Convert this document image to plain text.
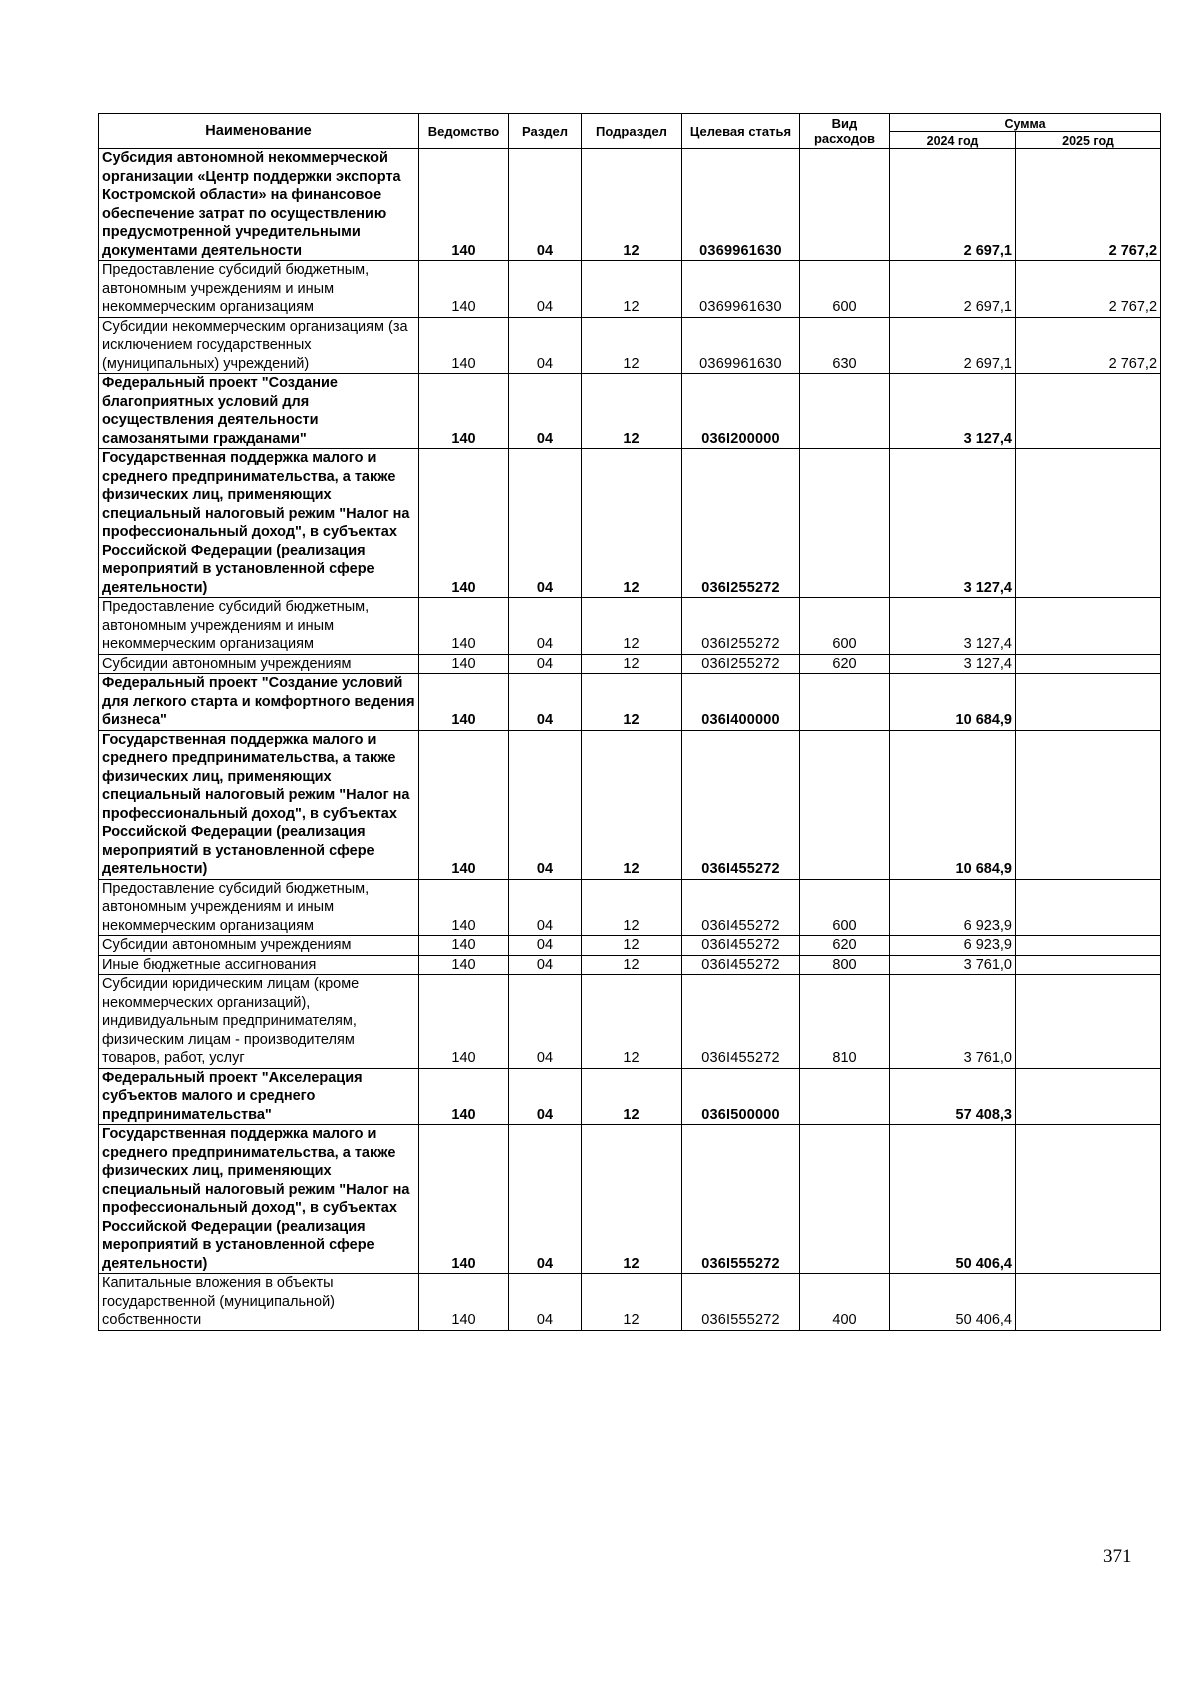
Наименование	Ведомство	Раздел	Подраздел	Целевая статья	Вид расходов	Сумма	
						2024 год	2025 год
Субсидия автономной некоммерческой организации «Центр поддержки экспорта Костромской области» на финансовое обеспечение затрат по осуществлению предусмотренной учредительными документами деятельности	140	04	12	0369961630		2 697,1	2 767,2
Предоставление субсидий бюджетным, автономным учреждениям и иным некоммерческим организациям	140	04	12	0369961630	600	2 697,1	2 767,2
Субсидии некоммерческим организациям (за исключением государственных (муниципальных) учреждений)	140	04	12	0369961630	630	2 697,1	2 767,2
Федеральный проект "Создание благоприятных условий для осуществления деятельности самозанятыми гражданами"	140	04	12	036I200000		3 127,4	
Государственная поддержка малого и среднего предпринимательства, а также физических лиц, применяющих специальный налоговый режим "Налог на профессиональный доход", в субъектах Российской Федерации (реализация мероприятий в установленной сфере деятельности)	140	04	12	036I255272		3 127,4	
Предоставление субсидий бюджетным, автономным учреждениям и иным некоммерческим организациям	140	04	12	036I255272	600	3 127,4	
Субсидии автономным учреждениям	140	04	12	036I255272	620	3 127,4	
Федеральный проект "Создание условий для легкого старта и комфортного ведения бизнеса"	140	04	12	036I400000		10 684,9	
Государственная поддержка малого и среднего предпринимательства, а также физических лиц, применяющих специальный налоговый режим "Налог на профессиональный доход", в субъектах Российской Федерации (реализация мероприятий в установленной сфере деятельности)	140	04	12	036I455272		10 684,9	
Предоставление субсидий бюджетным, автономным учреждениям и иным некоммерческим организациям	140	04	12	036I455272	600	6 923,9	
Субсидии автономным учреждениям	140	04	12	036I455272	620	6 923,9	
Иные бюджетные ассигнования	140	04	12	036I455272	800	3 761,0	
Субсидии юридическим лицам (кроме некоммерческих организаций), индивидуальным предпринимателям, физическим лицам - производителям товаров, работ, услуг	140	04	12	036I455272	810	3 761,0	
Федеральный проект "Акселерация субъектов малого и среднего предпринимательства"	140	04	12	036I500000		57 408,3	
Государственная поддержка малого и среднего предпринимательства, а также физических лиц, применяющих специальный налоговый режим "Налог на профессиональный доход", в субъектах Российской Федерации (реализация мероприятий в установленной сфере деятельности)	140	04	12	036I555272		50 406,4	
Капитальные вложения в объекты государственной (муниципальной) собственности	140	04	12	036I555272	400	50 406,4	
371
